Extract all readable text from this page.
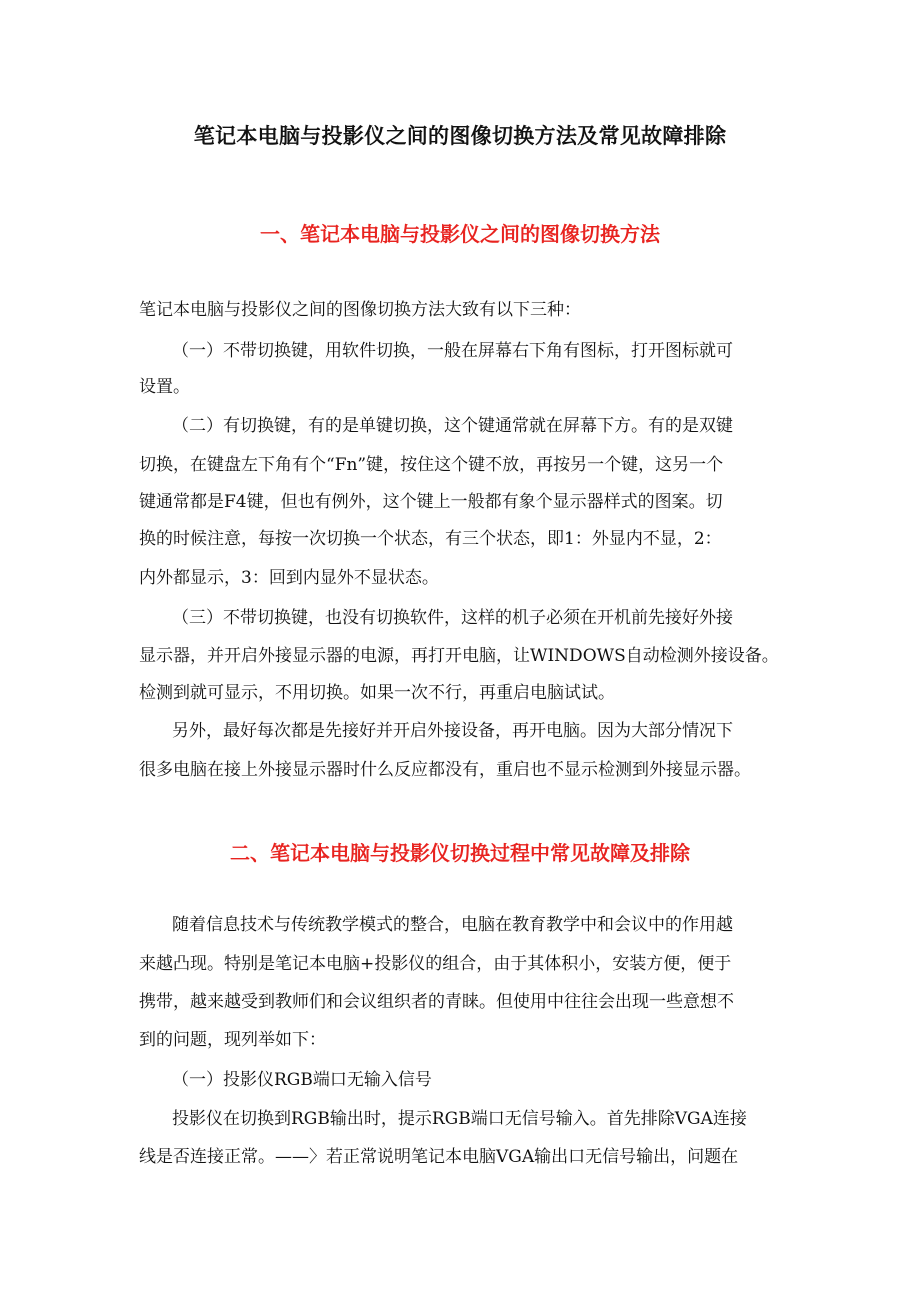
笔记本电脑与投影仪之间的图像切换方法及常见故障排除
一、笔记本电脑与投影仪之间的图像切换方法
笔记本电脑与投影仪之间的图像切换方法大致有以下三种：
（一）不带切换键，用软件切换，一般在屏幕右下角有图标，打开图标就可
设置。
（二）有切换键，有的是单键切换，这个键通常就在屏幕下方。有的是双键
切换，在键盘左下角有个“Fn”键，按住这个键不放，再按另一个键，这另一个
键通常都是F4键，但也有例外，这个键上一般都有象个显示器样式的图案。切
换的时候注意，每按一次切换一个状态，有三个状态，即1：外显内不显，2：
内外都显示，3：回到内显外不显状态。
（三）不带切换键，也没有切换软件，这样的机子必须在开机前先接好外接
显示器，并开启外接显示器的电源，再打开电脑，让WINDOWS自动检测外接设备。
检测到就可显示，不用切换。如果一次不行，再重启电脑试试。
另外，最好每次都是先接好并开启外接设备，再开电脑。因为大部分情况下
很多电脑在接上外接显示器时什么反应都没有，重启也不显示检测到外接显示器。
二、笔记本电脑与投影仪切换过程中常见故障及排除
随着信息技术与传统教学模式的整合，电脑在教育教学中和会议中的作用越
来越凸现。特别是笔记本电脑+投影仪的组合，由于其体积小，安装方便，便于
携带，越来越受到教师们和会议组织者的青睐。但使用中往往会出现一些意想不
到的问题，现列举如下：
（一）投影仪RGB端口无输入信号
投影仪在切换到RGB输出时，提示RGB端口无信号输入。首先排除VGA连接
线是否连接正常。——〉若正常说明笔记本电脑VGA输出口无信号输出，问题在
